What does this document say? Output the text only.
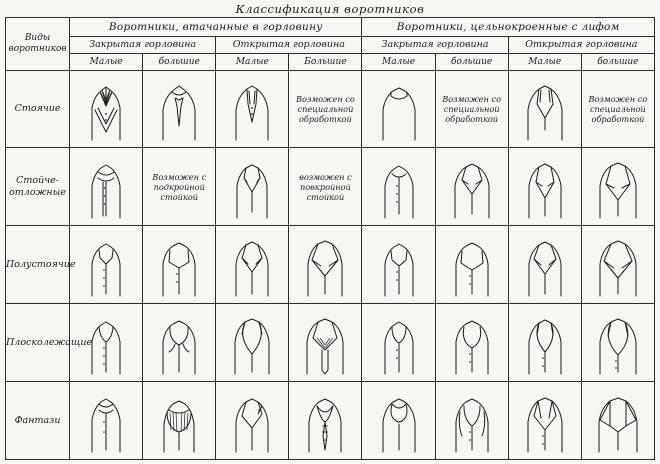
Классификация воротников
Виды
воротников	Воротники, втачанные в горловину				Воротники, цельнокроенные с лифом			
	Закрытая горловина		Открытая горловина		Закрытая горловина		Открытая горловина	
	Малые	большие	Малые	Большие	Малые	большие	Малые	большие
Стоячие				Возможен со специальной обработкой		Возможен со специальной обработкой		Возможен со специальной обработкой
Стойче-отложные		Возможен с подкройной стойкой		возможен с повкройной стойкой	

Полустоячие	

Плосколежащие	

Фантази	
